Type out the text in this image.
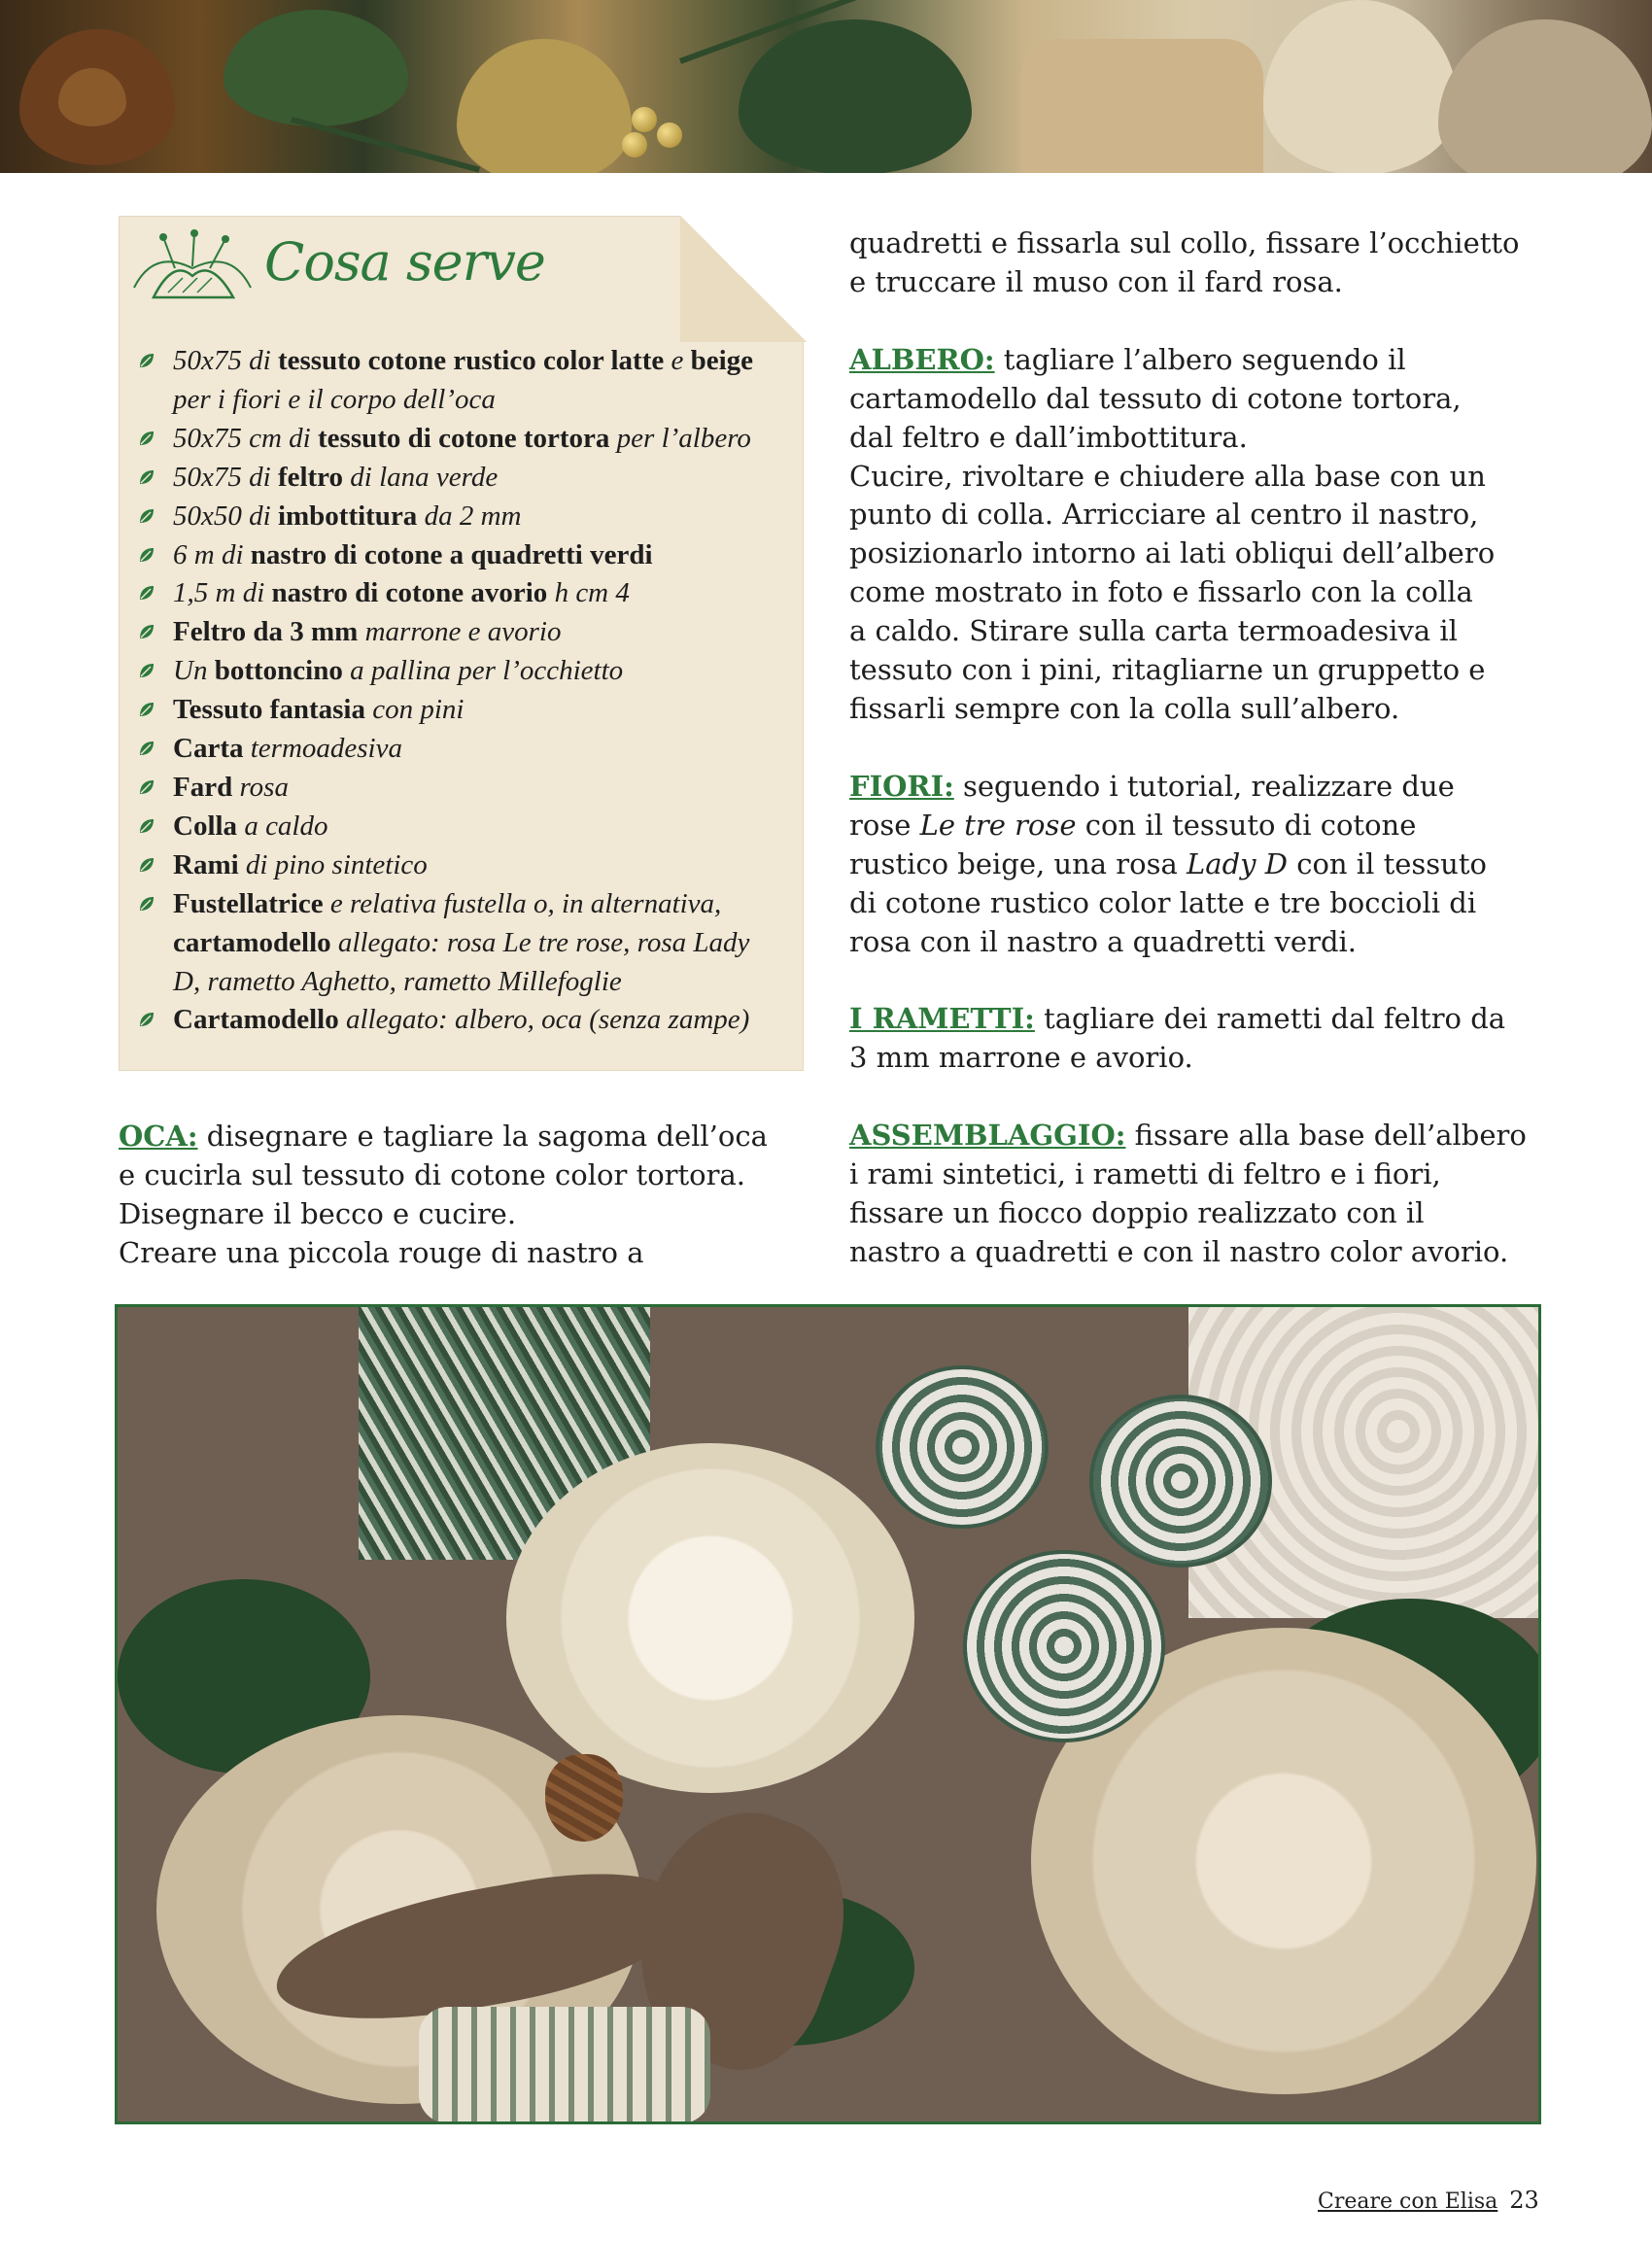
Cosa serve
50x75 di tessuto cotone rustico color latte e beige
per i fiori e il corpo dell’oca
50x75 cm di tessuto di cotone tortora per l’albero
50x75 di feltro di lana verde
50x50 di imbottitura da 2 mm
6 m di nastro di cotone a quadretti verdi
1,5 m di nastro di cotone avorio h cm 4
Feltro da 3 mm marrone e avorio
Un bottoncino a pallina per l’occhietto
Tessuto fantasia con pini
Carta termoadesiva
Fard rosa
Colla a caldo
Rami di pino sintetico
Fustellatrice e relativa fustella o, in alternativa,
cartamodello allegato: rosa Le tre rose, rosa Lady
D, rametto Aghetto, rametto Millefoglie
Cartamodello allegato: albero, oca (senza zampe)

OCA: disegnare e tagliare la sagoma dell’oca
e cucirla sul tessuto di cotone color tortora.
Disegnare il becco e cucire.
Creare una piccola rouge di nastro a

quadretti e fissarla sul collo, fissare l’occhietto
e truccare il muso con il fard rosa.

ALBERO: tagliare l’albero seguendo il
cartamodello dal tessuto di cotone tortora,
dal feltro e dall’imbottitura.
Cucire, rivoltare e chiudere alla base con un
punto di colla. Arricciare al centro il nastro,
posizionarlo intorno ai lati obliqui dell’albero
come mostrato in foto e fissarlo con la colla
a caldo. Stirare sulla carta termoadesiva il
tessuto con i pini, ritagliarne un gruppetto e
fissarli sempre con la colla sull’albero.

FIORI: seguendo i tutorial, realizzare due
rose Le tre rose con il tessuto di cotone
rustico beige, una rosa Lady D con il tessuto
di cotone rustico color latte e tre boccioli di
rosa con il nastro a quadretti verdi.

I RAMETTI: tagliare dei rametti dal feltro da
3 mm marrone e avorio.

ASSEMBLAGGIO: fissare alla base dell’albero
i rami sintetici, i rametti di feltro e i fiori,
fissare un fiocco doppio realizzato con il
nastro a quadretti e con il nastro color avorio.

Creare con Elisa 23
